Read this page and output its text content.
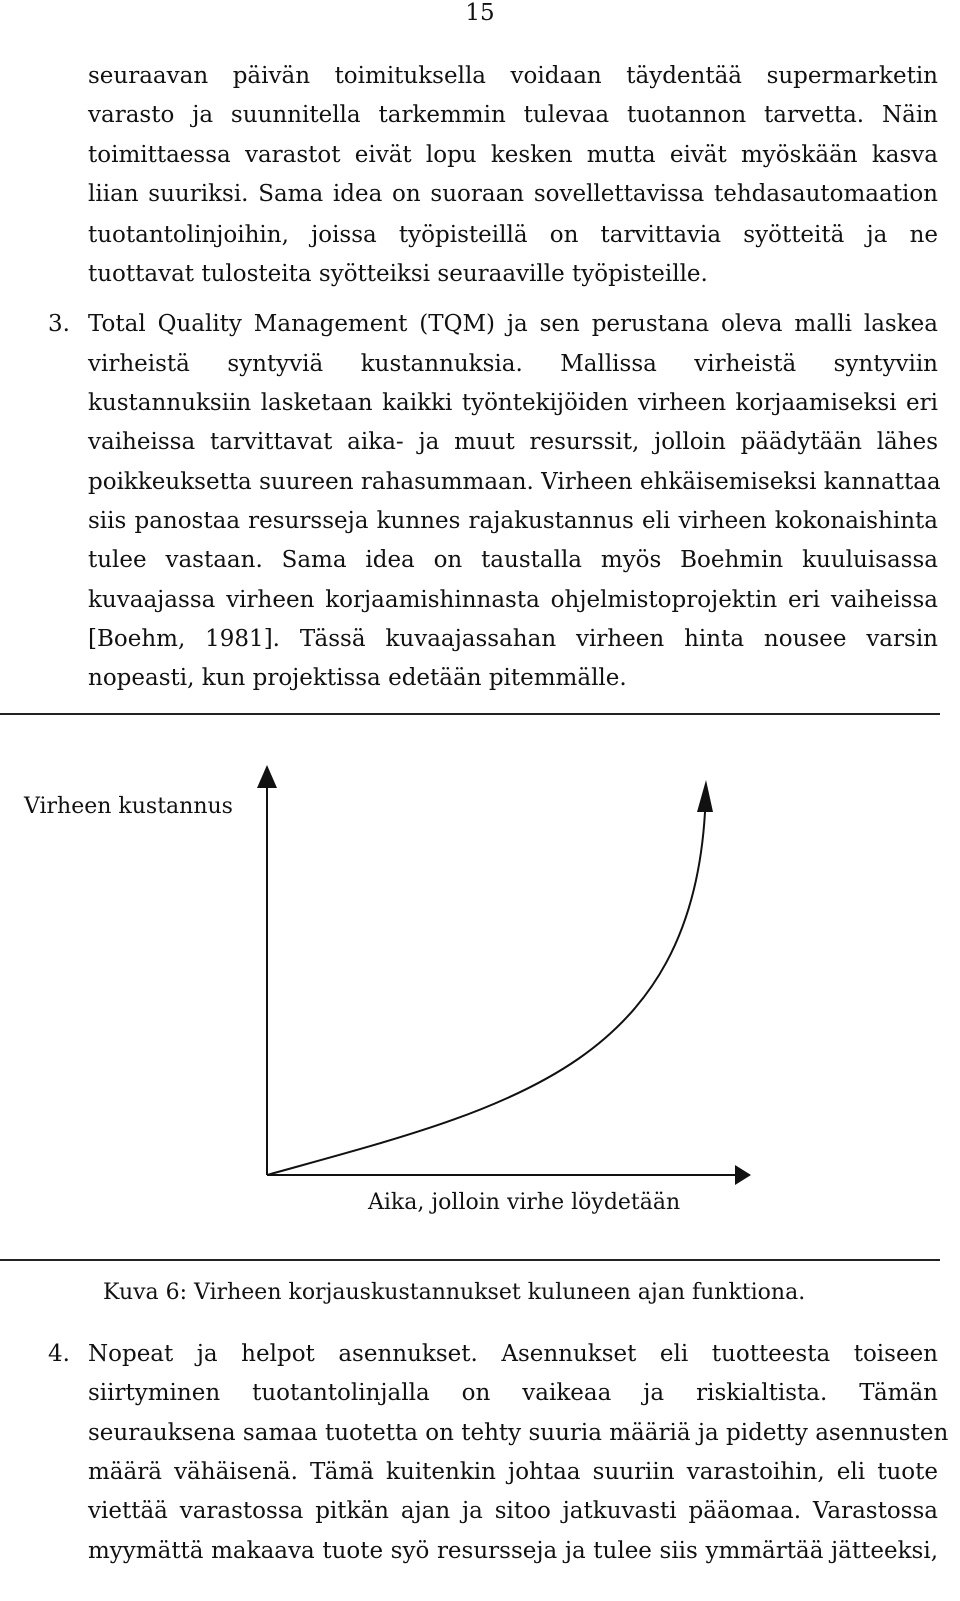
15
seuraavan päivän toimituksella voidaan täydentää supermarketin
varasto ja suunnitella tarkemmin tulevaa tuotannon tarvetta. Näin
toimittaessa varastot eivät lopu kesken mutta eivät myöskään kasva
liian suuriksi. Sama idea on suoraan sovellettavissa tehdasautomaation
tuotantolinjoihin, joissa työpisteillä on tarvittavia syötteitä ja ne
tuottavat tulosteita syötteiksi seuraaville työpisteille.
3. Total Quality Management (TQM) ja sen perustana oleva malli laskea
virheistä syntyviä kustannuksia. Mallissa virheistä syntyviin
kustannuksiin lasketaan kaikki työntekijöiden virheen korjaamiseksi eri
vaiheissa tarvittavat aika- ja muut resurssit, jolloin päädytään lähes
poikkeuksetta suureen rahasummaan. Virheen ehkäisemiseksi kannattaa
siis panostaa resursseja kunnes rajakustannus eli virheen kokonaishinta
tulee vastaan. Sama idea on taustalla myös Boehmin kuuluisassa
kuvaajassa virheen korjaamishinnasta ohjelmistoprojektin eri vaiheissa
[Boehm, 1981]. Tässä kuvaajassahan virheen hinta nousee varsin
nopeasti, kun projektissa edetään pitemmälle.
Virheen kustannus
Aika, jolloin virhe löydetään
Kuva 6: Virheen korjauskustannukset kuluneen ajan funktiona.
4. Nopeat ja helpot asennukset. Asennukset eli tuotteesta toiseen
siirtyminen tuotantolinjalla on vaikeaa ja riskialtista. Tämän
seurauksena samaa tuotetta on tehty suuria määriä ja pidetty asennusten
määrä vähäisenä. Tämä kuitenkin johtaa suuriin varastoihin, eli tuote
viettää varastossa pitkän ajan ja sitoo jatkuvasti pääomaa. Varastossa
myymättä makaava tuote syö resursseja ja tulee siis ymmärtää jätteeksi,
